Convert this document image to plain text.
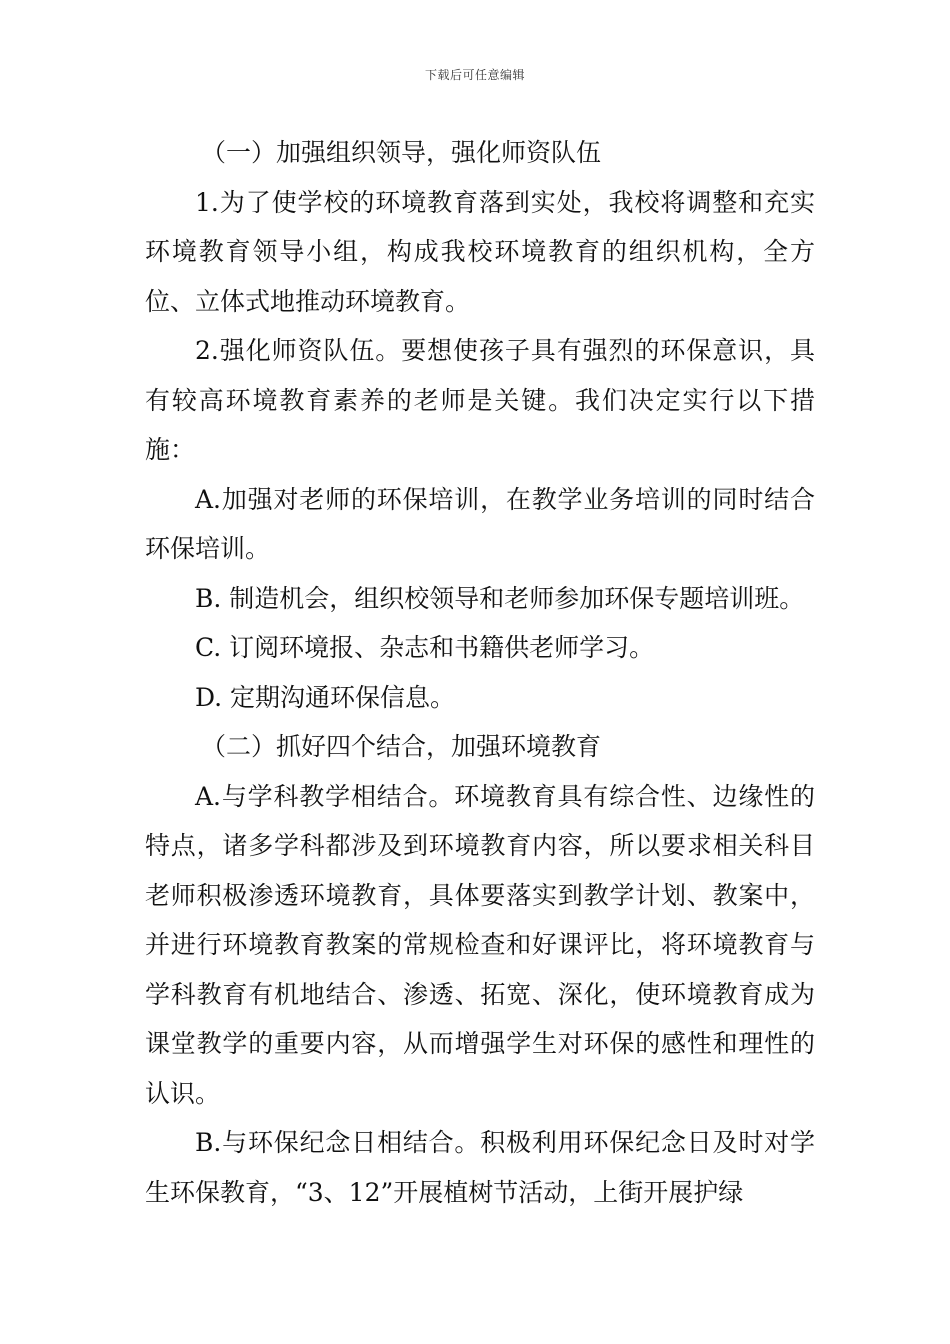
下载后可任意编辑

（一）加强组织领导，强化师资队伍

1.为了使学校的环境教育落到实处，我校将调整和充实环境教育领导小组，构成我校环境教育的组织机构，全方位、立体式地推动环境教育。

2.强化师资队伍。要想使孩子具有强烈的环保意识，具有较高环境教育素养的老师是关键。我们决定实行以下措施：

A.加强对老师的环保培训，在教学业务培训的同时结合环保培训。

B. 制造机会，组织校领导和老师参加环保专题培训班。

C. 订阅环境报、杂志和书籍供老师学习。

D. 定期沟通环保信息。

（二）抓好四个结合，加强环境教育

A.与学科教学相结合。环境教育具有综合性、边缘性的特点，诸多学科都涉及到环境教育内容，所以要求相关科目老师积极渗透环境教育，具体要落实到教学计划、教案中，并进行环境教育教案的常规检查和好课评比，将环境教育与学科教育有机地结合、渗透、拓宽、深化，使环境教育成为课堂教学的重要内容，从而增强学生对环保的感性和理性的认识。

B.与环保纪念日相结合。积极利用环保纪念日及时对学生环保教育，“3、12”开展植树节活动，上街开展护绿
